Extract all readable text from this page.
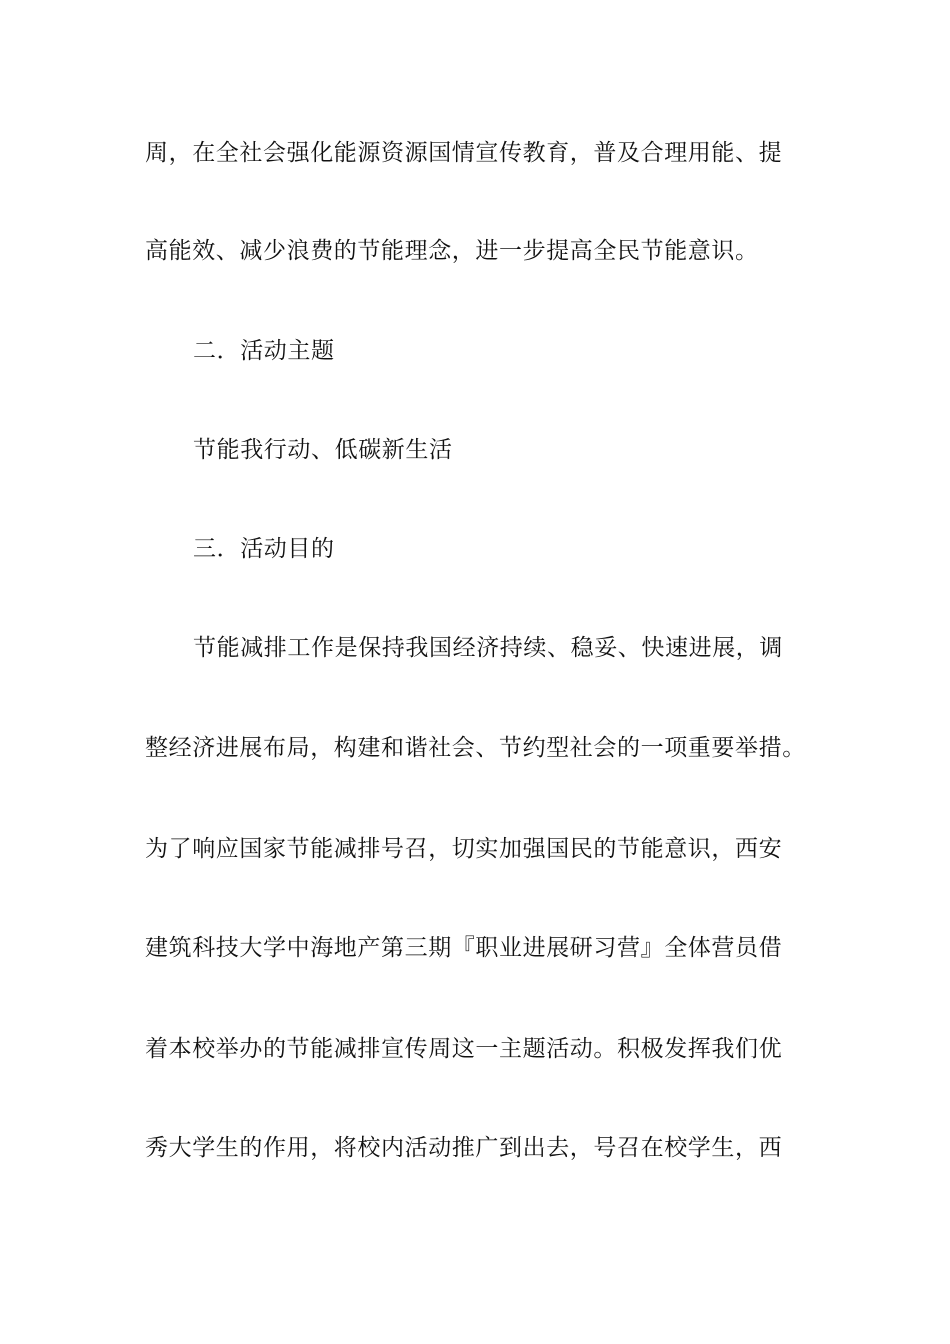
周，在全社会强化能源资源国情宣传教育，普及合理用能、提
高能效、减少浪费的节能理念，进一步提高全民节能意识。
二．活动主题
节能我行动、低碳新生活
三．活动目的
节能减排工作是保持我国经济持续、稳妥、快速进展，调
整经济进展布局，构建和谐社会、节约型社会的一项重要举措。
为了响应国家节能减排号召，切实加强国民的节能意识，西安
建筑科技大学中海地产第三期『职业进展研习营』全体营员借
着本校举办的节能减排宣传周这一主题活动。积极发挥我们优
秀大学生的作用，将校内活动推广到出去，号召在校学生，西
